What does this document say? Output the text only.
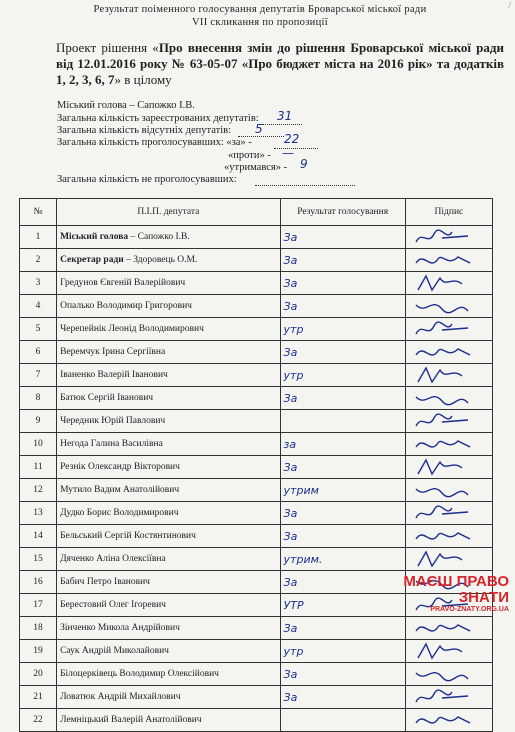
/
Результат поіменного голосування депутатів Броварської міської ради
VII скликання по пропозиції
Проект рішення «Про внесення змін до рішення Броварської міської ради від 12.01.2016 року № 63-05-07 «Про бюджет міста на 2016 рік» та додатків 1, 2, 3, 6, 7» в цілому
Міський голова – Сапожко І.В.
Загальна кількість зареєстрованих депутатів: 31
Загальна кількість відсутніх депутатів: 5
Загальна кількість проголосувавших: «за» -	22
«проти» - —
«утримався» - 9
Загальна кількість не проголосувавших:
№	П.І.П. депутата	Результат голосування	Підпис
1	Міський голова – Сапожко І.В.	За	

2	Секретар ради – Здоровець О.М.	За	

3	Гредунов Євгеній Валерійович	За	

4	Опалько Володимир Григорович	За	

5	Черепейнік Леонід Володимирович	утр	

6	Веремчук Ірина Сергіївна	За	

7	Іваненко Валерій Іванович	утр	

8	Батюк Сергій Іванович	За	

9	Чередник Юрій Павлович		

10	Негода Галина Василівна	за	

11	Резнік Олександр Вікторович	За	

12	Мутило Вадим Анатолійович	утрим	

13	Дудко Борис Володимирович	За	

14	Бельський Сергій Костянтинович	За	

15	Дяченко Аліна Олексіївна	утрим.	

16	Бабич Петро Іванович	За	

17	Берестовий Олег Ігоревич	УТР	

18	Зінченко Микола Андрійович	За	

19	Саук Андрій Миколайович	утр	

20	Білоцерківець Володимир Олексійович	За	

21	Ловатюк Андрій Михайлович	За	

22	Лемніцький Валерій Анатолійович		
МАЄШ ПРАВО
ЗНАТИ
PRAVO-ZNATY.ORG.UA
